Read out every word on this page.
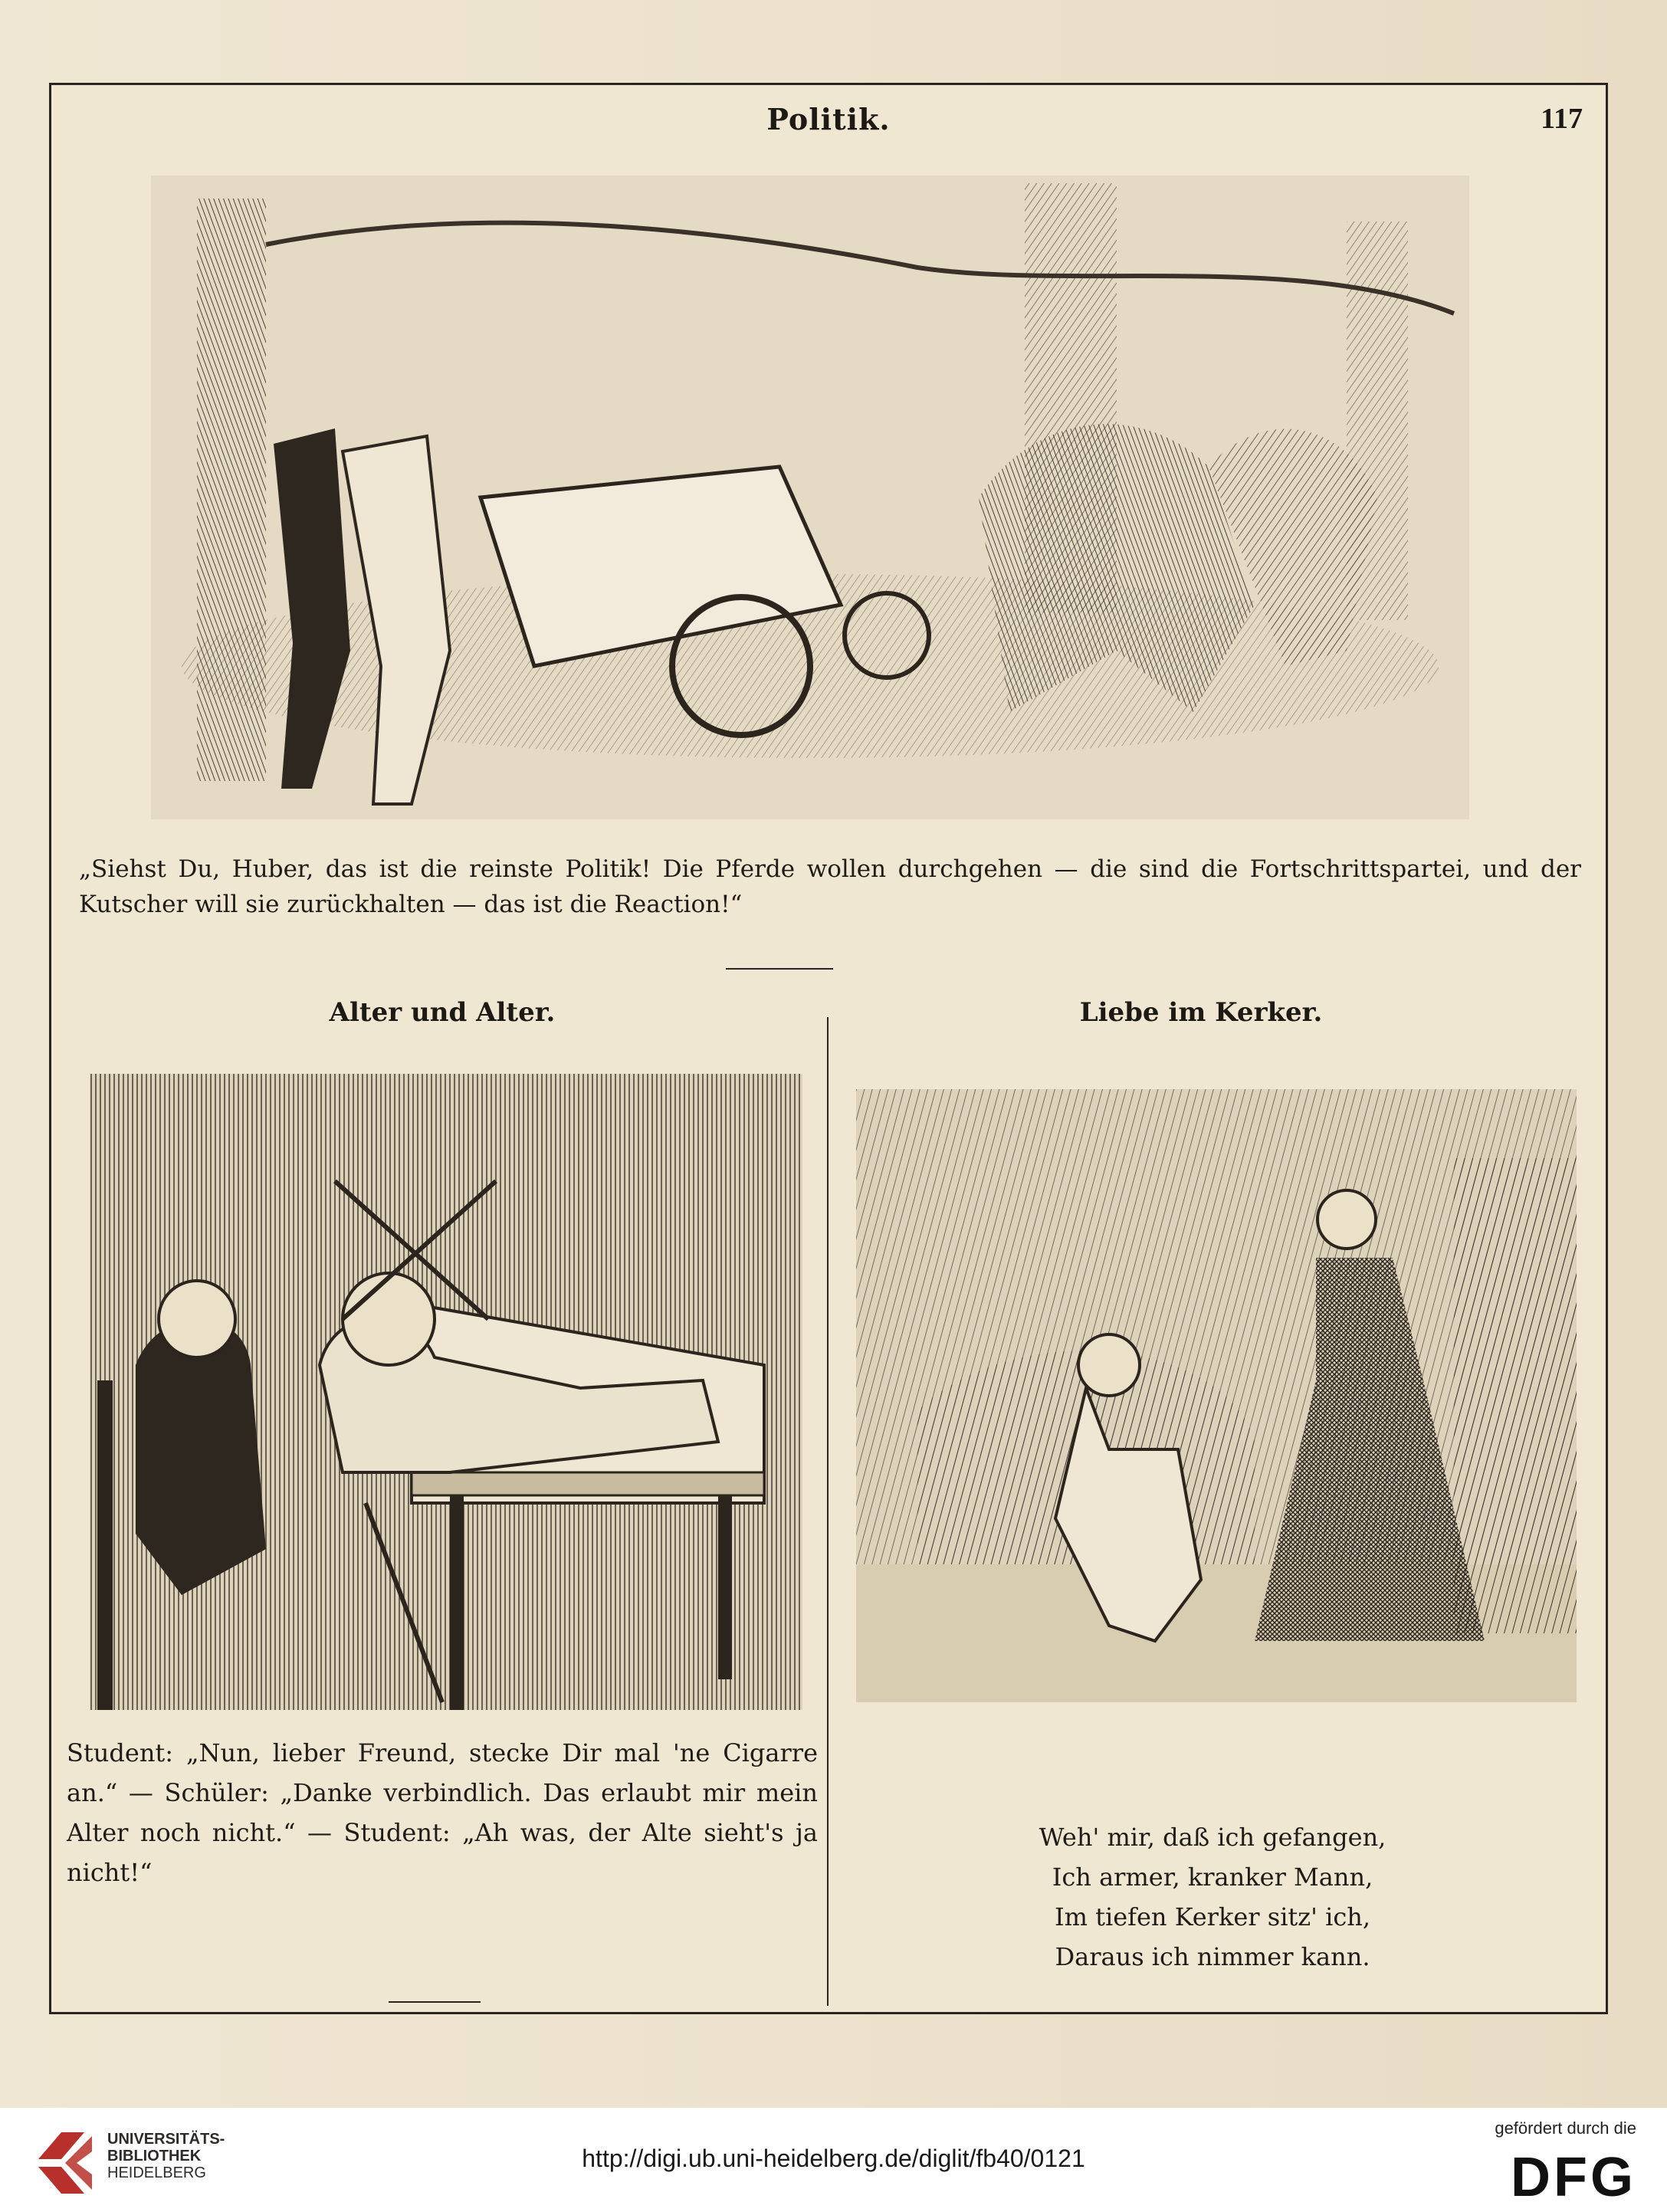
Politik.	117
„Siehst Du, Huber, das ist die reinste Politik! Die Pferde wollen durchgehen — die sind die Fortschrittspartei, und der Kutscher will sie zurückhalten — das ist die Reaction!“
Alter und Alter.	Liebe im Kerker.
Student: „Nun, lieber Freund, stecke Dir mal 'ne Cigarre an.“ — Schüler: „Danke verbindlich. Das erlaubt mir mein Alter noch nicht.“ — Student: „Ah was, der Alte sieht's ja nicht!“
Weh' mir, daß ich gefangen,
Ich armer, kranker Mann,
Im tiefen Kerker sitz' ich,
Daraus ich nimmer kann.
UNIVERSITÄTS-
BIBLIOTHEK
HEIDELBERG
http://digi.ub.uni-heidelberg.de/diglit/fb40/0121
gefördert durch die
DFG
